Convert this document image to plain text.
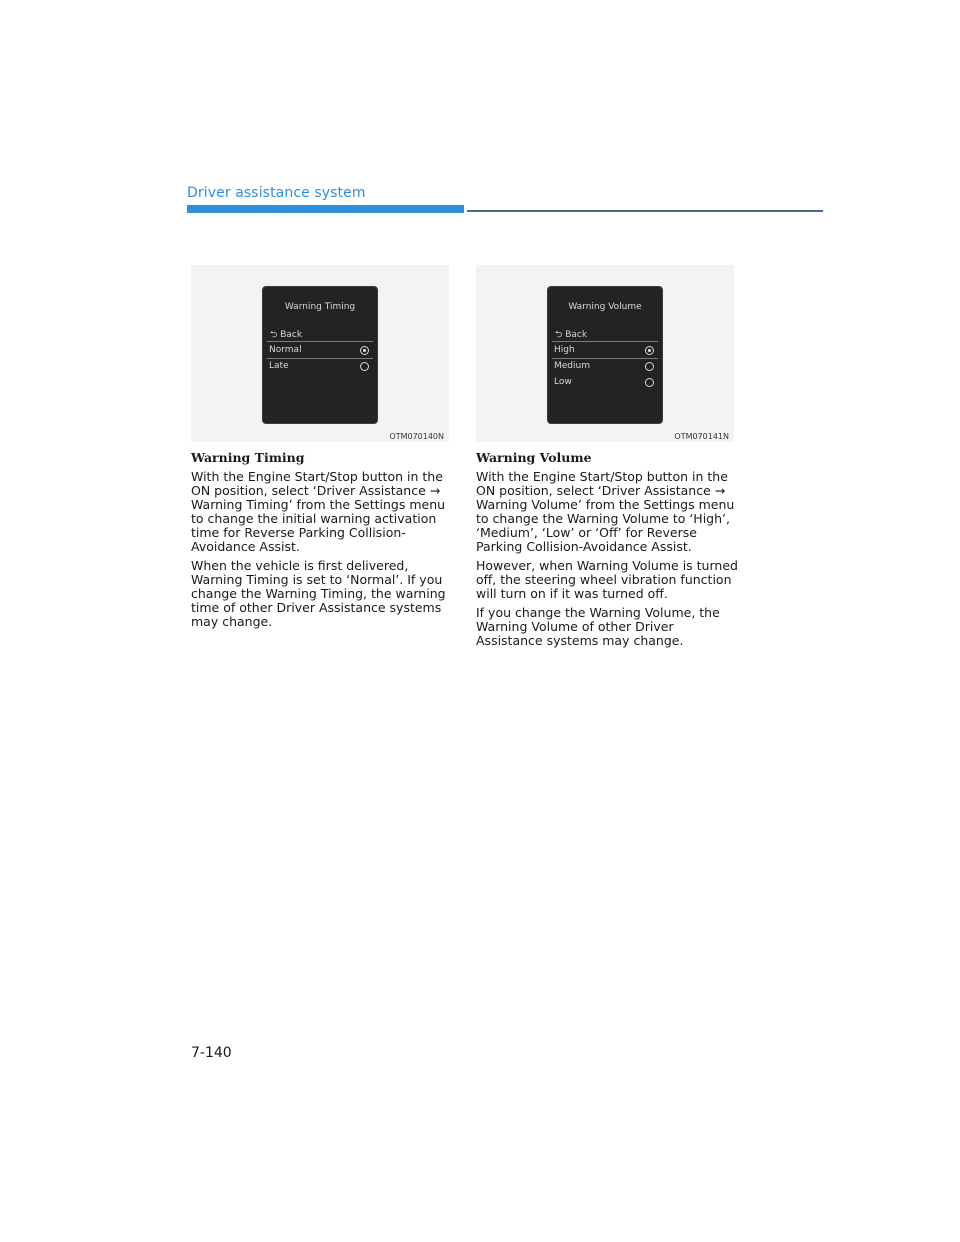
Driver assistance system
Warning Timing
⮌ Back
Normal
Late
OTM070140N
Warning Volume
⮌ Back
High
Medium
Low
OTM070141N
Warning Timing

With the Engine Start/Stop button in the ON position, select ‘Driver Assistance → Warning Timing’ from the Settings menu to change the initial warning activation time for Reverse Parking Collision-Avoidance Assist.

When the vehicle is first delivered, Warning Timing is set to ‘Normal’. If you change the Warning Timing, the warning time of other Driver Assistance systems may change.

Warning Volume

With the Engine Start/Stop button in the ON position, select ‘Driver Assistance → Warning Volume’ from the Settings menu to change the Warning Volume to ‘High’, ‘Medium’, ‘Low’ or ‘Off’ for Reverse Parking Collision-Avoidance Assist.

However, when Warning Volume is turned off, the steering wheel vibration function will turn on if it was turned off.

If you change the Warning Volume, the Warning Volume of other Driver Assistance systems may change.

7-140
